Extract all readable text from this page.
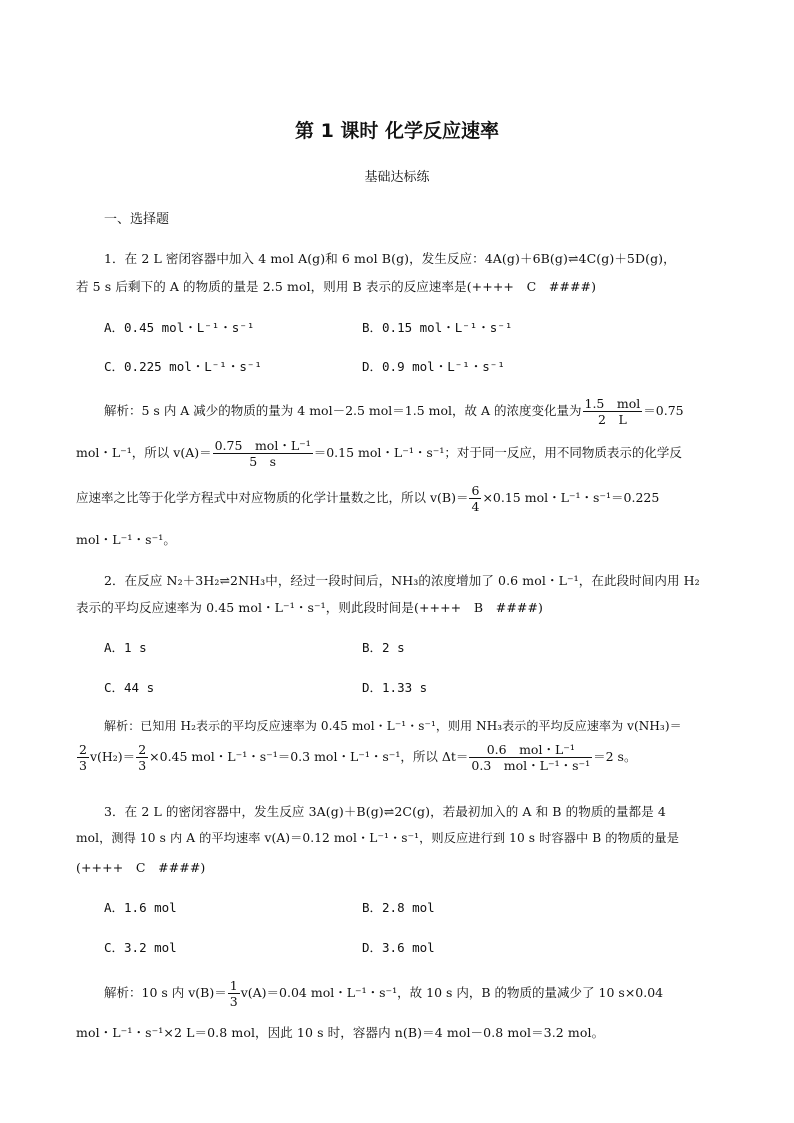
第 1 课时 化学反应速率
基础达标练
一、选择题
1．在 2 L 密闭容器中加入 4 mol A(g)和 6 mol B(g)，发生反应：4A(g)＋6B(g)⇌4C(g)＋5D(g)，
若 5 s 后剩下的 A 的物质的量是 2.5 mol，则用 B 表示的反应速率是(++++　C　####)
A．0.45 mol・L⁻¹・s⁻¹	B．0.15 mol・L⁻¹・s⁻¹
C．0.225 mol・L⁻¹・s⁻¹	D．0.9 mol・L⁻¹・s⁻¹
解析：5 s 内 A 减少的物质的量为 4 mol－2.5 mol＝1.5 mol，故 A 的浓度变化量为 $\frac{\text{1.5　mol}}{2 L} =0.75$
mol・L⁻¹，所以 $v(A)= \frac{\text{0.75　mol・L⁻¹}}{5 s} =0.15$ mol・L⁻¹・s⁻¹；对于同一反应，用不同物质表示的化学反
应速率之比等于化学方程式中对应物质的化学计量数之比，所以 $v(B)= \frac{6}{4} \times 0.15$ mol・L⁻¹・s⁻¹＝0.225
mol・L⁻¹・s⁻¹。
2．在反应 N₂＋3H₂⇌2NH₃中，经过一段时间后，NH₃的浓度增加了 0.6 mol・L⁻¹，在此段时间内用 H₂
表示的平均反应速率为 0.45 mol・L⁻¹・s⁻¹，则此段时间是(++++　B　####)
A．1 s	B．2 s
C．44 s	D．1.33 s
解析：已知用 H₂表示的平均反应速率为 0.45 mol・L⁻¹・s⁻¹，则用 NH₃表示的平均反应速率为 v(NH₃)＝
$\frac{2}{3} v(H_2)= \frac{2}{3} \times 0.45$ mol・L⁻¹・s⁻¹＝0.3 mol・L⁻¹・s⁻¹，所以 $\Delta t= \frac{\text{0.6　mol・L⁻¹}}{\text{0.3　mol・L⁻¹・s⁻¹}} =2$ s。
3．在 2 L 的密闭容器中，发生反应 3A(g)＋B(g)⇌2C(g)，若最初加入的 A 和 B 的物质的量都是 4
mol，测得 10 s 内 A 的平均速率 v(A)＝0.12 mol・L⁻¹・s⁻¹，则反应进行到 10 s 时容器中 B 的物质的量是
(++++　C　####)
A．1.6 mol	B．2.8 mol
C．3.2 mol	D．3.6 mol
解析：10 s 内 $v(B)= \frac{1}{3} v(A)=0.04$ mol・L⁻¹・s⁻¹，故 10 s 内，B 的物质的量减少了 10 s×0.04
mol・L⁻¹・s⁻¹×2 L＝0.8 mol，因此 10 s 时，容器内 n(B)＝4 mol－0.8 mol＝3.2 mol。
